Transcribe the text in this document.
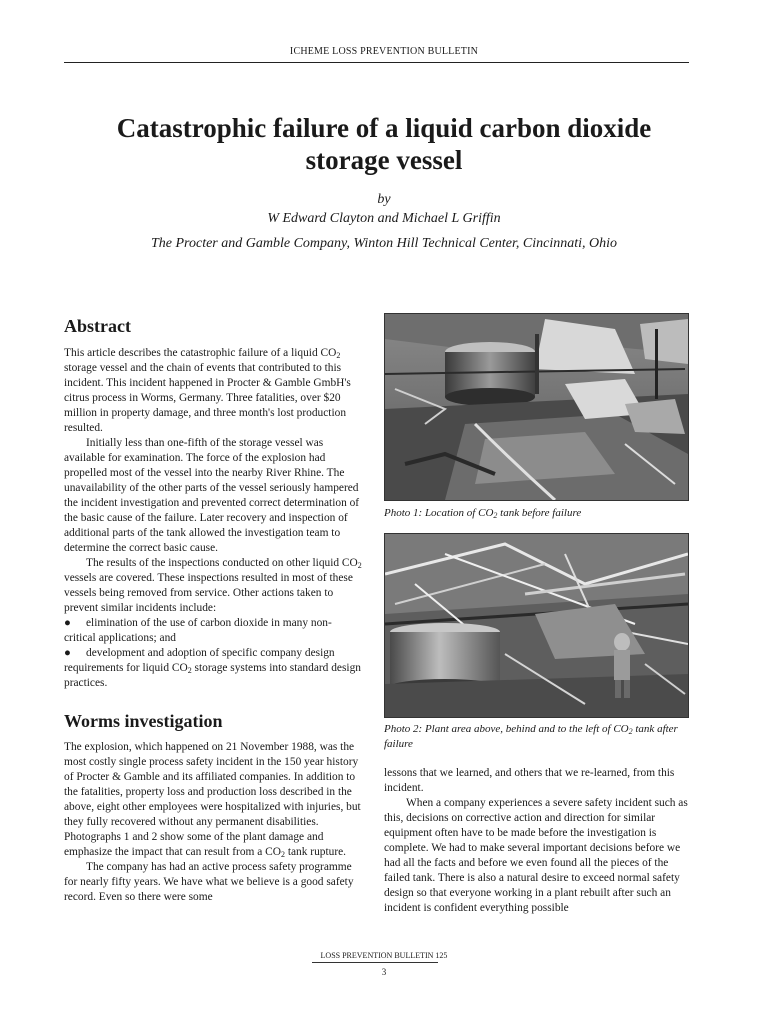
ICHEME LOSS PREVENTION BULLETIN
Catastrophic failure of a liquid carbon dioxide storage vessel
by
W Edward Clayton and Michael L Griffin
The Procter and Gamble Company, Winton Hill Technical Center, Cincinnati, Ohio
Abstract

This article describes the catastrophic failure of a liquid $CO_2$ storage vessel and the chain of events that contributed to this incident. This incident happened in Procter & Gamble GmbH's citrus process in Worms, Germany. Three fatalities, over $20 million in property damage, and three month's lost production resulted.

Initially less than one-fifth of the storage vessel was available for examination. The force of the explosion had propelled most of the vessel into the nearby River Rhine. The unavailability of the other parts of the vessel seriously hampered the incident investigation and prevented correct determination of the basic cause of the failure. Later recovery and inspection of additional parts of the tank allowed the investigation team to determine the correct basic cause.

The results of the inspections conducted on other liquid $CO_2$ vessels are covered. These inspections resulted in most of these vessels being removed from service. Other actions taken to prevent similar incidents include:

● elimination of the use of carbon dioxide in many non-critical applications; and
● development and adoption of specific company design requirements for liquid $CO_2$ storage systems into standard design practices.
Worms investigation

The explosion, which happened on 21 November 1988, was the most costly single process safety incident in the 150 year history of Procter & Gamble and its affiliated companies. In addition to the fatalities, property loss and production loss described in the above, eight other employees were hospitalized with injuries, but they fully recovered without any permanent disabilities. Photographs 1 and 2 show some of the plant damage and emphasize the impact that can result from a $CO_2$ tank rupture.

The company has had an active process safety programme for nearly fifty years. We have what we believe is a good safety record. Even so there were some

Photo 1: Location of $CO_2$ tank before failure
Photo 2: Plant area above, behind and to the left of $CO_2$ tank after failure

lessons that we learned, and others that we re-learned, from this incident.

When a company experiences a severe safety incident such as this, decisions on corrective action and direction for similar equipment often have to be made before the investigation is complete. We had to make several important decisions before we had all the facts and before we even found all the pieces of the failed tank. There is also a natural desire to exceed normal safety design so that everyone working in a plant rebuilt after such an incident is confident everything possible

LOSS PREVENTION BULLETIN 125
3
